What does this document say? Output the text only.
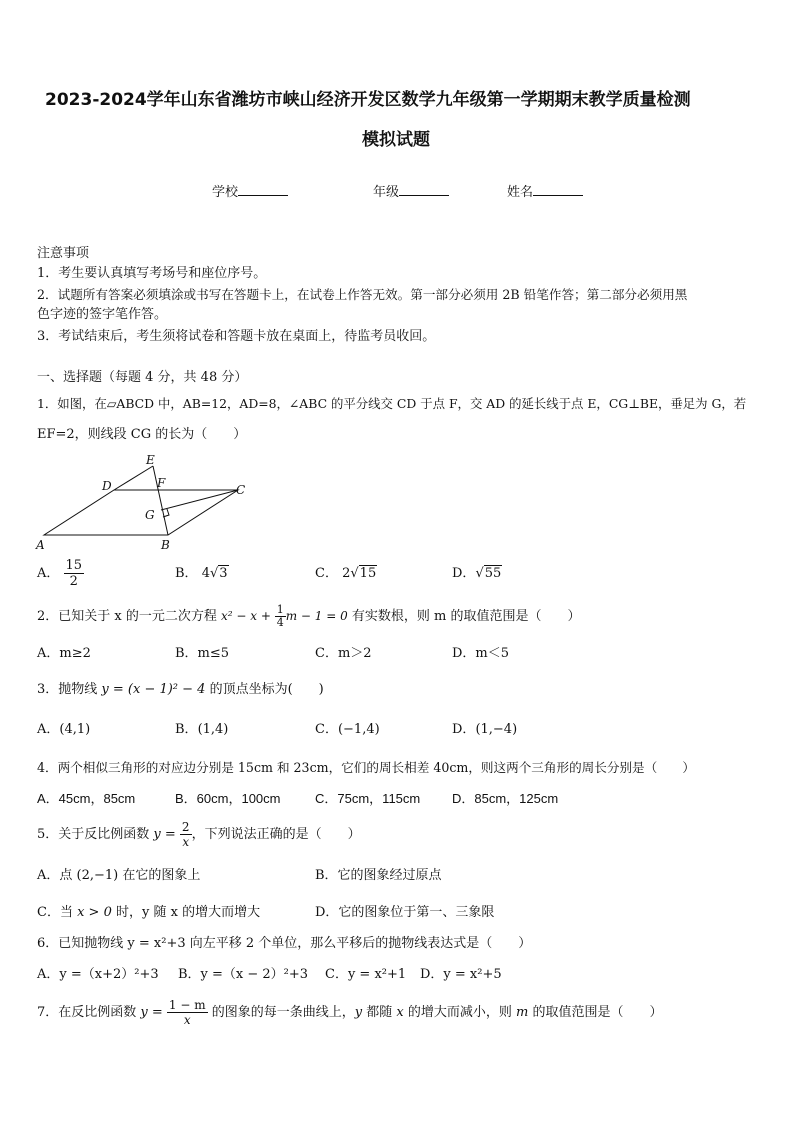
2023-2024学年山东省潍坊市峡山经济开发区数学九年级第一学期期末教学质量检测
模拟试题
学校	年级	姓名
注意事项
1．考生要认真填写考场号和座位序号。
2．试题所有答案必须填涂或书写在答题卡上，在试卷上作答无效。第一部分必须用 2B 铅笔作答；第二部分必须用黑
色字迹的签字笔作答。
3．考试结束后，考生须将试卷和答题卡放在桌面上，待监考员收回。
一、选择题（每题 4 分，共 48 分）
1．如图，在▱ABCD 中，AB=12，AD=8，∠ABC 的平分线交 CD 于点 F，交 AD 的延长线于点 E，CG⊥BE，垂足为 G，若
EF=2，则线段 CG 的长为（　　）
E
D	F	C
G
A	B
A． $\frac{15}{2}$	B． 4√3	C． 2√15	D．√55
2．已知关于 x 的一元二次方程 $x^2 - x + \frac{1}{4}$ m − 1 = 0 有实数根，则 m 的取值范围是（　　）
A．m≥2	B．m≤5	C．m＞2	D．m＜5
3．抛物线 y = (x − 1)² − 4 的顶点坐标为(　　)
A．(4,1)	B．(1,4)	C．(−1,4)	D．(1,−4)
4．两个相似三角形的对应边分别是 15cm 和 23cm，它们的周长相差 40cm，则这两个三角形的周长分别是（　　）
A．45cm，85cm	B．60cm，100cm	C．75cm，115cm D．85cm，125cm
5．关于反比例函数 $y = \frac{2}{x}$ ，下列说法正确的是（　　）
A．点 (2,−1) 在它的图象上	B．它的图象经过原点
C．当 x > 0 时，y 随 x 的增大而增大	D．它的图象位于第一、三象限
6．已知抛物线 y = x²+3 向左平移 2 个单位，那么平移后的抛物线表达式是（　　）
A．y =（x+2）²+3 B．y =（x − 2）²+3 C．y = x²+1 D．y = x²+5
7．在反比例函数 $y = \frac{1 - m}{x}$ 的图象的每一条曲线上，y 都随 x 的增大而减小，则 m 的取值范围是（　　）
